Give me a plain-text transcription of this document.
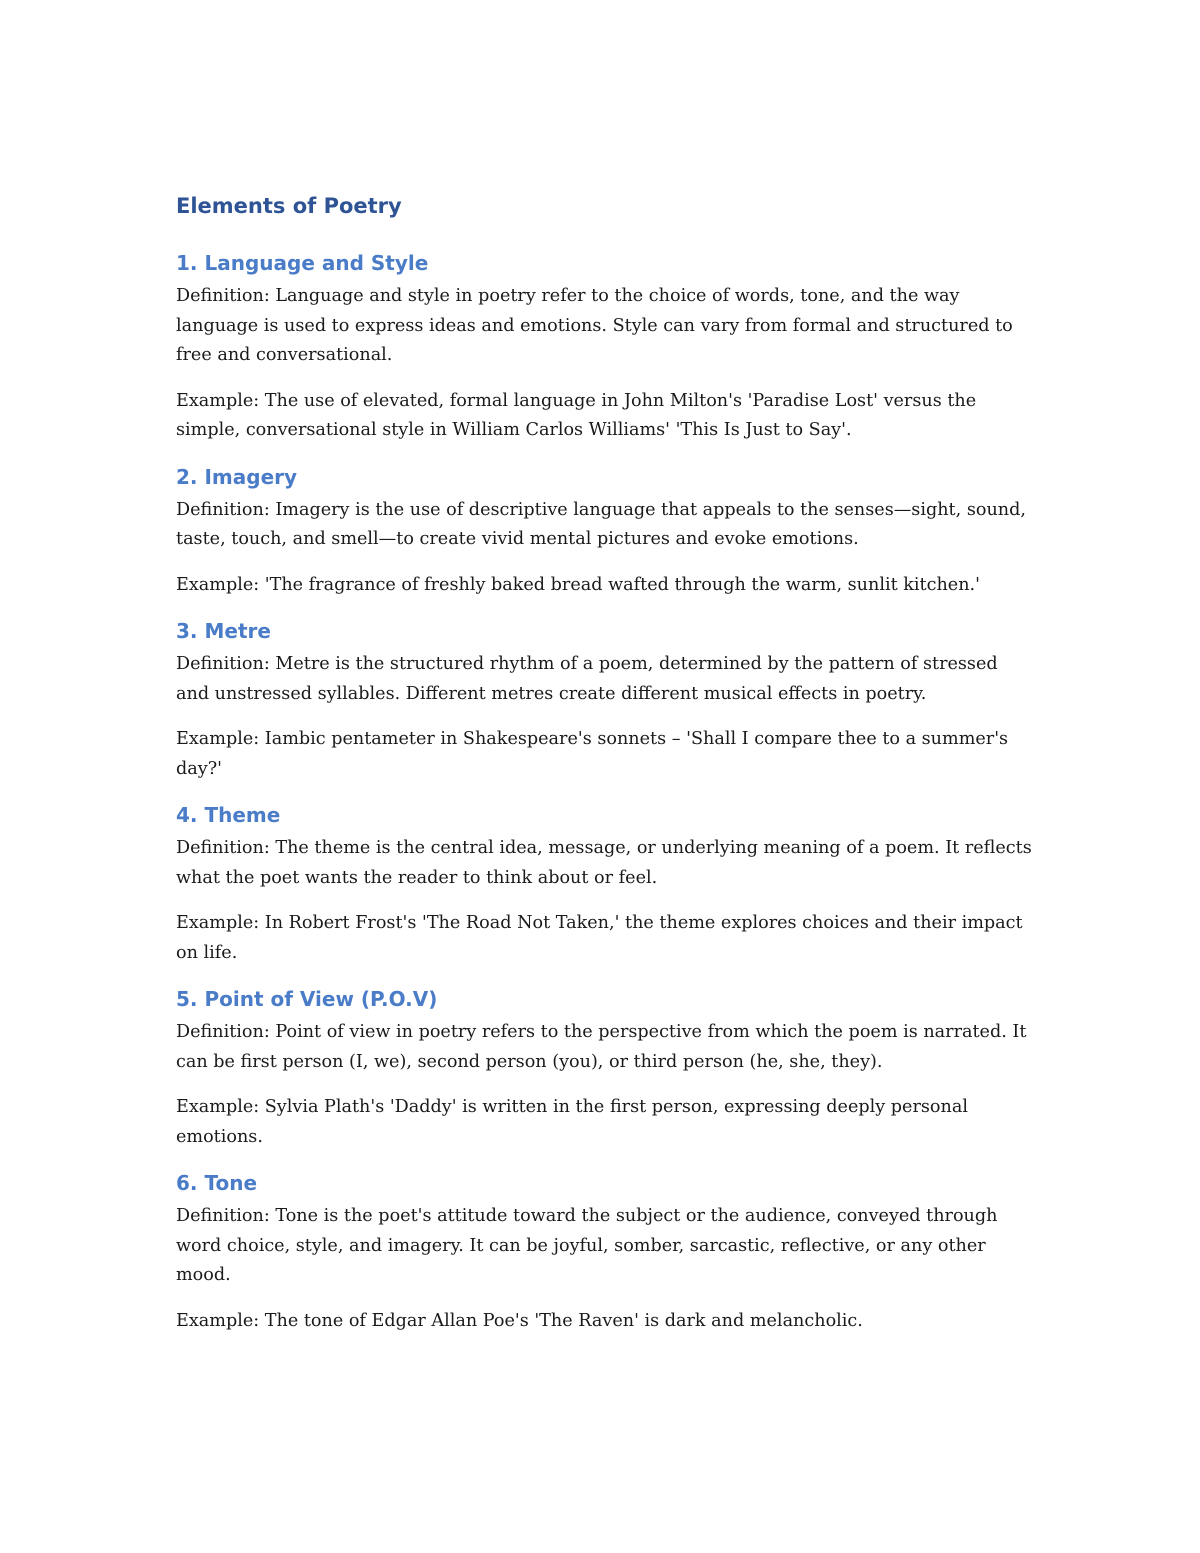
Elements of Poetry
1. Language and Style

Definition: Language and style in poetry refer to the choice of words, tone, and the way language is used to express ideas and emotions. Style can vary from formal and structured to free and conversational.

Example: The use of elevated, formal language in John Milton's 'Paradise Lost' versus the simple, conversational style in William Carlos Williams' 'This Is Just to Say'.

2. Imagery

Definition: Imagery is the use of descriptive language that appeals to the senses—sight, sound, taste, touch, and smell—to create vivid mental pictures and evoke emotions.

Example: 'The fragrance of freshly baked bread wafted through the warm, sunlit kitchen.'

3. Metre

Definition: Metre is the structured rhythm of a poem, determined by the pattern of stressed and unstressed syllables. Different metres create different musical effects in poetry.

Example: Iambic pentameter in Shakespeare's sonnets – 'Shall I compare thee to a summer's day?'

4. Theme

Definition: The theme is the central idea, message, or underlying meaning of a poem. It reflects what the poet wants the reader to think about or feel.

Example: In Robert Frost's 'The Road Not Taken,' the theme explores choices and their impact on life.

5. Point of View (P.O.V)

Definition: Point of view in poetry refers to the perspective from which the poem is narrated. It can be first person (I, we), second person (you), or third person (he, she, they).

Example: Sylvia Plath's 'Daddy' is written in the first person, expressing deeply personal emotions.

6. Tone

Definition: Tone is the poet's attitude toward the subject or the audience, conveyed through word choice, style, and imagery. It can be joyful, somber, sarcastic, reflective, or any other mood.

Example: The tone of Edgar Allan Poe's 'The Raven' is dark and melancholic.
